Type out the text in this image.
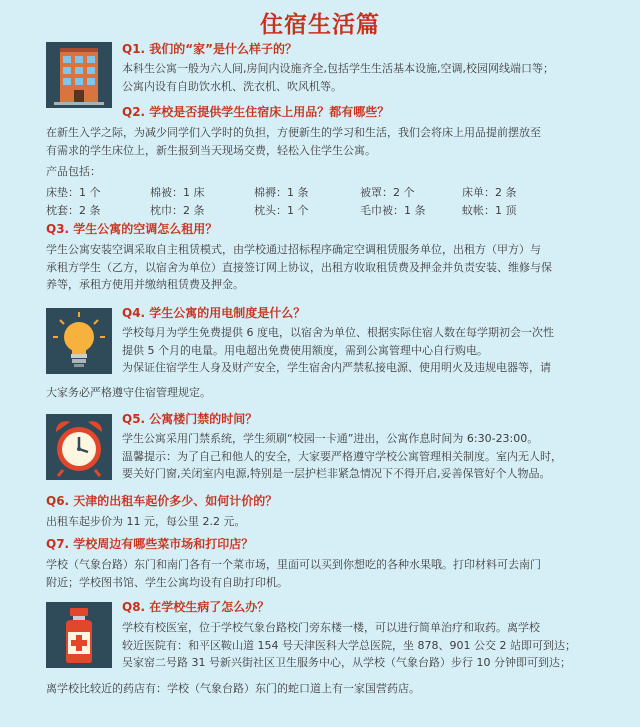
住宿生活篇
Q1. 我们的“家”是什么样子的？
本科生公寓一般为六人间,房间内设施齐全,包括学生生活基本设施,空调,校园网线端口等；
公寓内设有自助饮水机、洗衣机、吹风机等。
Q2. 学校是否提供学生住宿床上用品？都有哪些？
在新生入学之际，为减少同学们入学时的负担，方便新生的学习和生活，我们会将床上用品提前摆放至
有需求的学生床位上，新生报到当天现场交费，轻松入住学生公寓。
产品包括：
床垫：1 个	棉被：1 床	棉褥：1 条	被罩：2 个	床单：2 条
枕套：2 条	枕巾：2 条	枕头：1 个	毛巾被：1 条	蚊帐：1 顶
Q3. 学生公寓的空调怎么租用？
学生公寓安装空调采取自主租赁模式，由学校通过招标程序确定空调租赁服务单位，出租方（甲方）与
承租方学生（乙方，以宿舍为单位）直接签订网上协议，出租方收取租赁费及押金并负责安装、维修与保
养等，承租方使用并缴纳租赁费及押金。
Q4. 学生公寓的用电制度是什么？
学校每月为学生免费提供 6 度电，以宿舍为单位、根据实际住宿人数在每学期初会一次性
提供 5 个月的电量。用电超出免费使用额度，需到公寓管理中心自行购电。
为保证住宿学生人身及财产安全，学生宿舍内严禁私接电源、使用明火及违规电器等，请
大家务必严格遵守住宿管理规定。
Q5. 公寓楼门禁的时间？
学生公寓采用门禁系统，学生须刷“校园一卡通”进出，公寓作息时间为 6:30-23:00。
温馨提示：为了自己和他人的安全，大家要严格遵守学校公寓管理相关制度。室内无人时，
要关好门窗,关闭室内电源,特别是一层护栏非紧急情况下不得开启,妥善保管好个人物品。
Q6. 天津的出租车起价多少、如何计价的？
出租车起步价为 11 元，每公里 2.2 元。
Q7. 学校周边有哪些菜市场和打印店？
学校（气象台路）东门和南门各有一个菜市场，里面可以买到你想吃的各种水果哦。打印材料可去南门
附近；学校图书馆、学生公寓均设有自助打印机。
Q8. 在学校生病了怎么办？
学校有校医室，位于学校气象台路校门旁东楼一楼，可以进行简单治疗和取药。离学校
较近医院有：和平区鞍山道 154 号天津医科大学总医院，坐 878、901 公交 2 站即可到达；
吴家窑二号路 31 号新兴街社区卫生服务中心，从学校（气象台路）步行 10 分钟即可到达；
离学校比较近的药店有：学校（气象台路）东门的蛇口道上有一家国营药店。
